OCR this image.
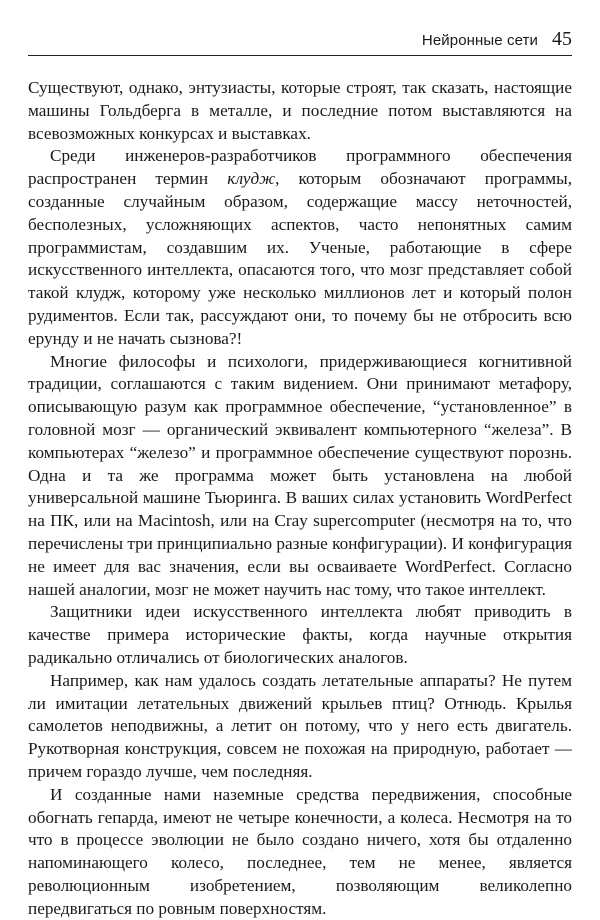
Нейронные сети 45

Существуют, однако, энтузиасты, которые строят, так сказать, настоящие машины Гольдберга в металле, и последние потом выставляются на всевозможных конкурсах и выставках.

Среди инженеров-разработчиков программного обеспечения распространен термин клудж, которым обозначают программы, созданные случайным образом, содержащие массу неточностей, бесполезных, усложняющих аспектов, часто непонятных самим программистам, создавшим их. Ученые, работающие в сфере искусственного интеллекта, опасаются того, что мозг представляет собой такой клудж, которому уже несколько миллионов лет и который полон рудиментов. Если так, рассуждают они, то почему бы не отбросить всю ерунду и не начать сызнова?!

Многие философы и психологи, придерживающиеся когнитивной традиции, соглашаются с таким видением. Они принимают метафору, описывающую разум как программное обеспечение, “установленное” в головной мозг — органический эквивалент компьютерного “железа”. В компьютерах “железо” и программное обеспечение существуют порознь. Одна и та же программа может быть установлена на любой универсальной машине Тьюринга. В ваших силах установить WordPerfect на ПК, или на Macintosh, или на Cray supercomputer (несмотря на то, что перечислены три принципиально разные конфигурации). И конфигурация не имеет для вас значения, если вы осваиваете WordPerfect. Согласно нашей аналогии, мозг не может научить нас тому, что такое интеллект.

Защитники идеи искусственного интеллекта любят приводить в качестве примера исторические факты, когда научные открытия радикально отличались от биологических аналогов.

Например, как нам удалось создать летательные аппараты? Не путем ли имитации летательных движений крыльев птиц? Отнюдь. Крылья самолетов неподвижны, а летит он потому, что у него есть двигатель. Рукотворная конструкция, совсем не похожая на природную, работает — причем гораздо лучше, чем последняя.

И созданные нами наземные средства передвижения, способные обогнать гепарда, имеют не четыре конечности, а колеса. Несмотря на то что в процессе эволюции не было создано ничего, хотя бы отдаленно напоминающего колесо, последнее, тем не менее, является революционным изобретением, позволяющим великолепно передвигаться по ровным поверхностям.
